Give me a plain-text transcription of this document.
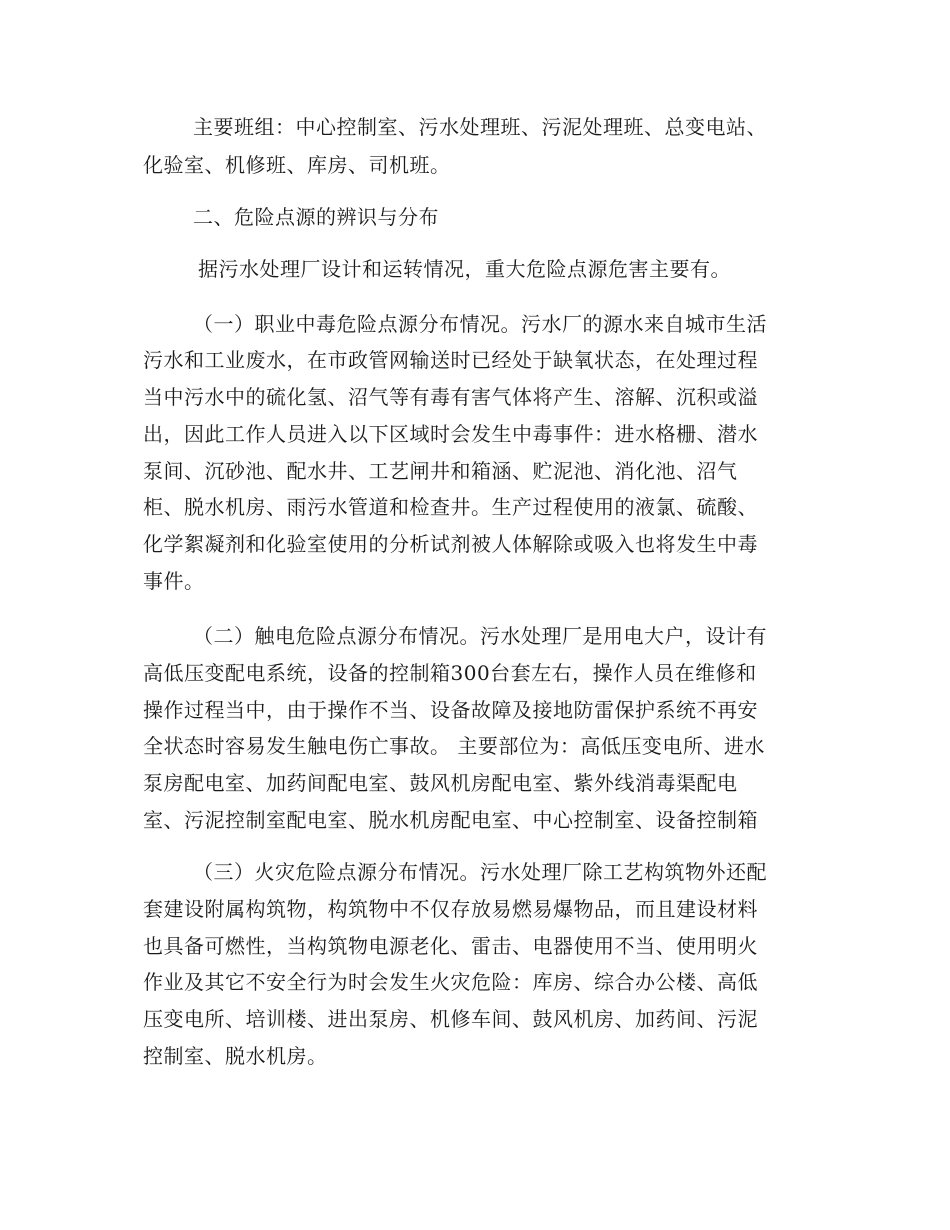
主要班组：中心控制室、污水处理班、污泥处理班、总变电站、
化验室、机修班、库房、司机班。
二、危险点源的辨识与分布
据污水处理厂设计和运转情况，重大危险点源危害主要有。
（一）职业中毒危险点源分布情况。污水厂的源水来自城市生活
污水和工业废水，在市政管网输送时已经处于缺氧状态，在处理过程
当中污水中的硫化氢、沼气等有毒有害气体将产生、溶解、沉积或溢
出，因此工作人员进入以下区域时会发生中毒事件：进水格栅、潜水
泵间、沉砂池、配水井、工艺闸井和箱涵、贮泥池、消化池、沼气
柜、脱水机房、雨污水管道和检查井。生产过程使用的液氯、硫酸、
化学絮凝剂和化验室使用的分析试剂被人体解除或吸入也将发生中毒
事件。
（二）触电危险点源分布情况。污水处理厂是用电大户，设计有
高低压变配电系统，设备的控制箱300台套左右，操作人员在维修和
操作过程当中，由于操作不当、设备故障及接地防雷保护系统不再安
全状态时容易发生触电伤亡事故。 主要部位为：高低压变电所、进水
泵房配电室、加药间配电室、鼓风机房配电室、紫外线消毒渠配电
室、污泥控制室配电室、脱水机房配电室、中心控制室、设备控制箱
（三）火灾危险点源分布情况。污水处理厂除工艺构筑物外还配
套建设附属构筑物，构筑物中不仅存放易燃易爆物品，而且建设材料
也具备可燃性，当构筑物电源老化、雷击、电器使用不当、使用明火
作业及其它不安全行为时会发生火灾危险：库房、综合办公楼、高低
压变电所、培训楼、进出泵房、机修车间、鼓风机房、加药间、污泥
控制室、脱水机房。
